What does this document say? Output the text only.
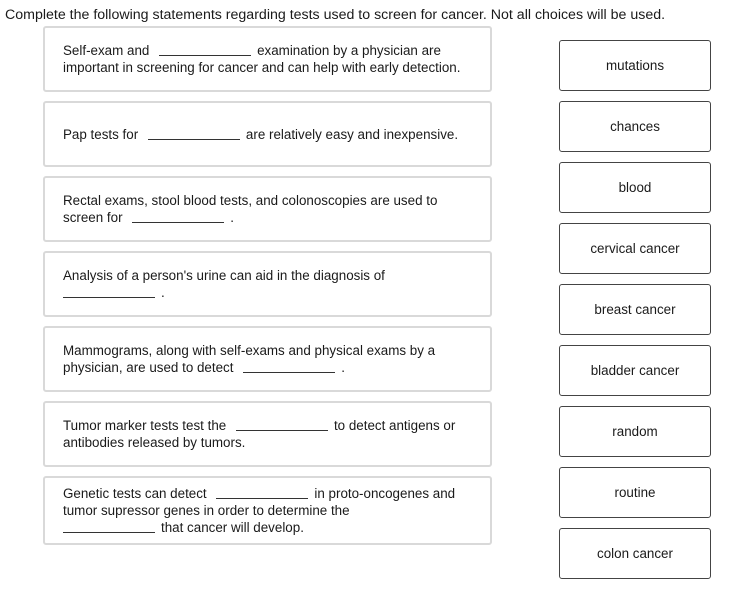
Complete the following statements regarding tests used to screen for cancer. Not all choices will be used.
Self-exam and	examination by a physician are important in screening for cancer and can help with early detection.
Pap tests for	are relatively easy and inexpensive.
Rectal exams, stool blood tests, and colonoscopies are used to screen for	.
Analysis of a person's urine can aid in the diagnosis of
.
Mammograms, along with self-exams and physical exams by a physician, are used to detect	.
Tumor marker tests test the	to detect antigens or antibodies released by tumors.
Genetic tests can detect	in proto-oncogenes and tumor supressor genes in order to determine the
that cancer will develop.
mutations
chances
blood
cervical cancer
breast cancer
bladder cancer
random
routine
colon cancer
